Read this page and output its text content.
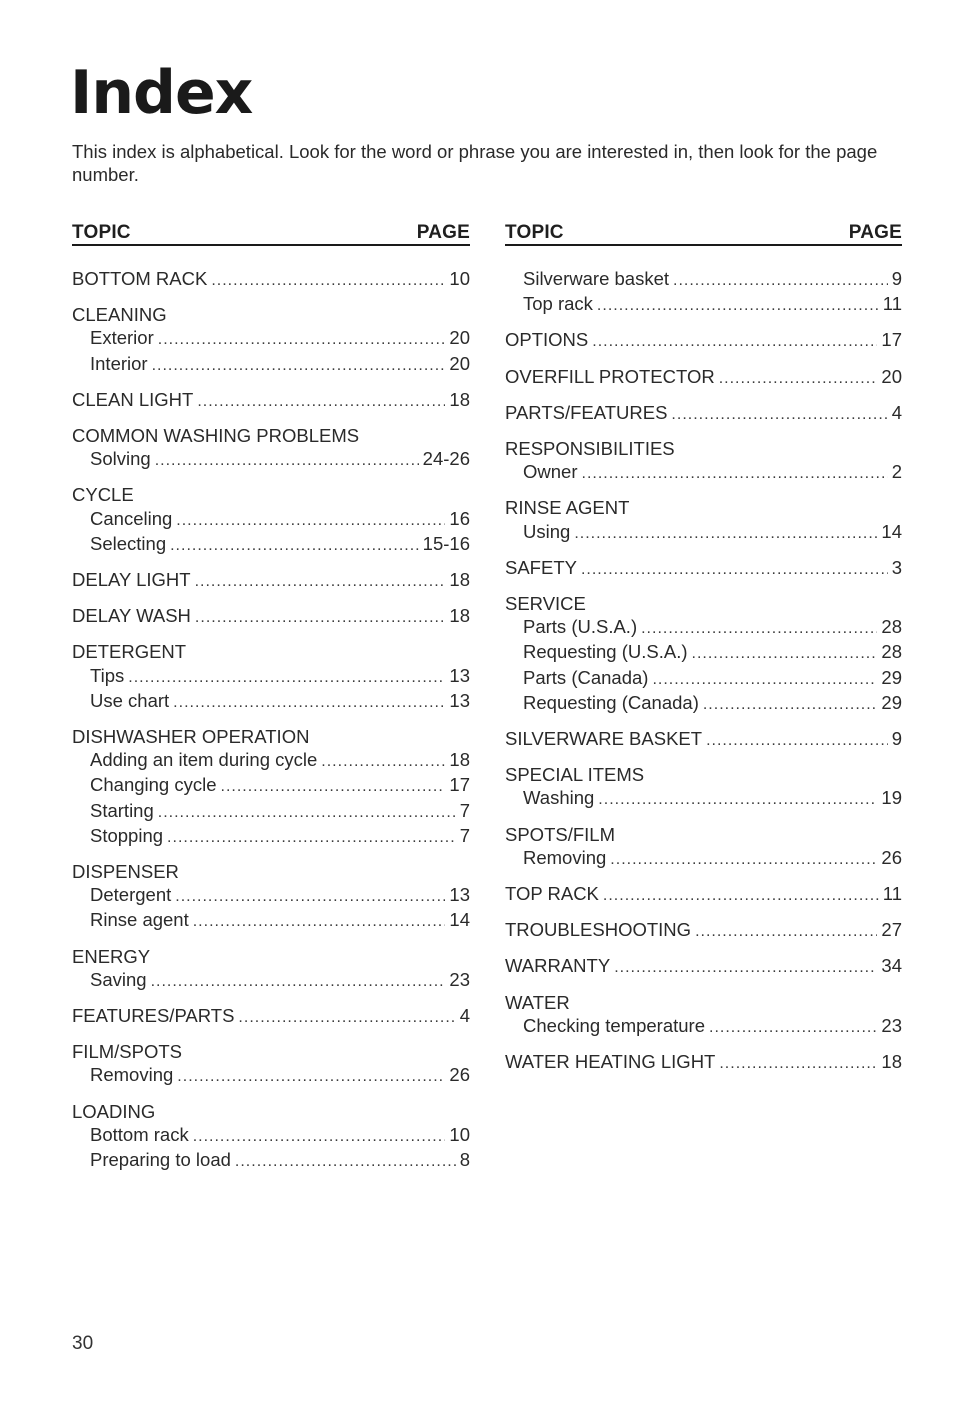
Index

This index is alphabetical. Look for the word or phrase you are interested in, then look for the page number.

TOPIC	PAGE
BOTTOM RACK .....	10
CLEANING
Exterior .....	20
Interior .....	20
CLEAN LIGHT .....	18
COMMON WASHING PROBLEMS
Solving .....	24-26
CYCLE
Canceling .....	16
Selecting .....	15-16
DELAY LIGHT .....	18
DELAY WASH .....	18
DETERGENT
Tips .....	13
Use chart .....	13
DISHWASHER OPERATION
Adding an item during cycle .....	18
Changing cycle .....	17
Starting .....	7
Stopping .....	7
DISPENSER
Detergent .....	13
Rinse agent .....	14
ENERGY
Saving .....	23
FEATURES/PARTS .....	4
FILM/SPOTS
Removing .....	26
LOADING
Bottom rack .....	10
Preparing to load .....	8
TOPIC	PAGE
Silverware basket .....	9
Top rack .....	11
OPTIONS .....	17
OVERFILL PROTECTOR .....	20
PARTS/FEATURES .....	4
RESPONSIBILITIES
Owner .....	2
RINSE AGENT
Using .....	14
SAFETY .....	3
SERVICE
Parts (U.S.A.) .....	28
Requesting (U.S.A.) .....	28
Parts (Canada) .....	29
Requesting (Canada) .....	29
SILVERWARE BASKET .....	9
SPECIAL ITEMS
Washing .....	19
SPOTS/FILM
Removing .....	26
TOP RACK .....	11
TROUBLESHOOTING .....	27
WARRANTY .....	34
WATER
Checking temperature .....	23
WATER HEATING LIGHT .....	18
30
